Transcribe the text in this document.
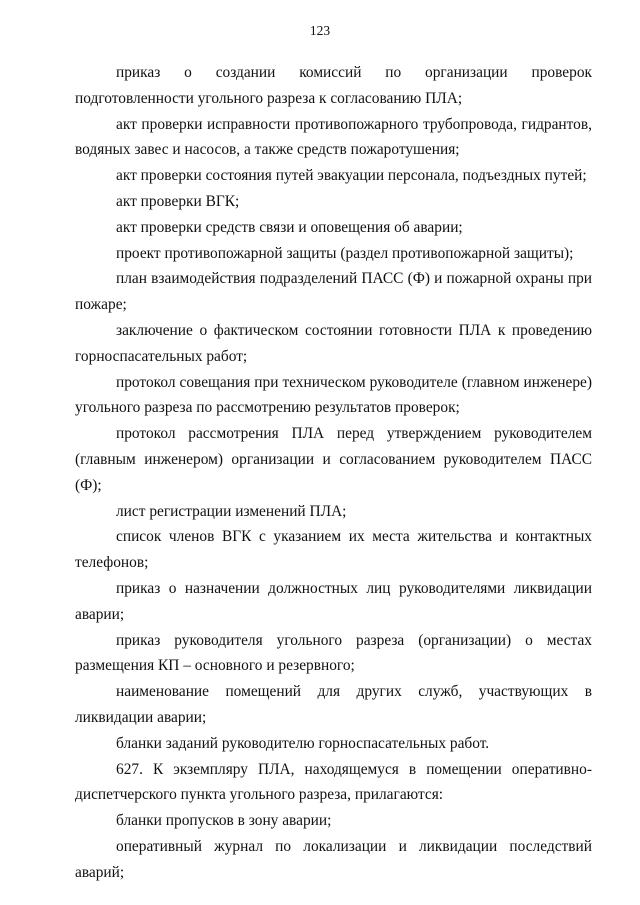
123

приказ о создании комиссий по организации проверок подготовленности угольного разреза к согласованию ПЛА;

акт проверки исправности противопожарного трубопровода, гидрантов, водяных завес и насосов, а также средств пожаротушения;

акт проверки состояния путей эвакуации персонала, подъездных путей;

акт проверки ВГК;

акт проверки средств связи и оповещения об аварии;

проект противопожарной защиты (раздел противопожарной защиты);

план взаимодействия подразделений ПАСС (Ф) и пожарной охраны при пожаре;

заключение о фактическом состоянии готовности ПЛА к проведению горноспасательных работ;

протокол совещания при техническом руководителе (главном инженере) угольного разреза по рассмотрению результатов проверок;

протокол рассмотрения ПЛА перед утверждением руководителем (главным инженером) организации и согласованием руководителем ПАСС (Ф);

лист регистрации изменений ПЛА;

список членов ВГК с указанием их места жительства и контактных телефонов;

приказ о назначении должностных лиц руководителями ликвидации аварии;

приказ руководителя угольного разреза (организации) о местах размещения КП – основного и резервного;

наименование помещений для других служб, участвующих в ликвидации аварии;

бланки заданий руководителю горноспасательных работ.

627. К экземпляру ПЛА, находящемуся в помещении оперативно-диспетчерского пункта угольного разреза, прилагаются:

бланки пропусков в зону аварии;

оперативный журнал по локализации и ликвидации последствий аварий;
